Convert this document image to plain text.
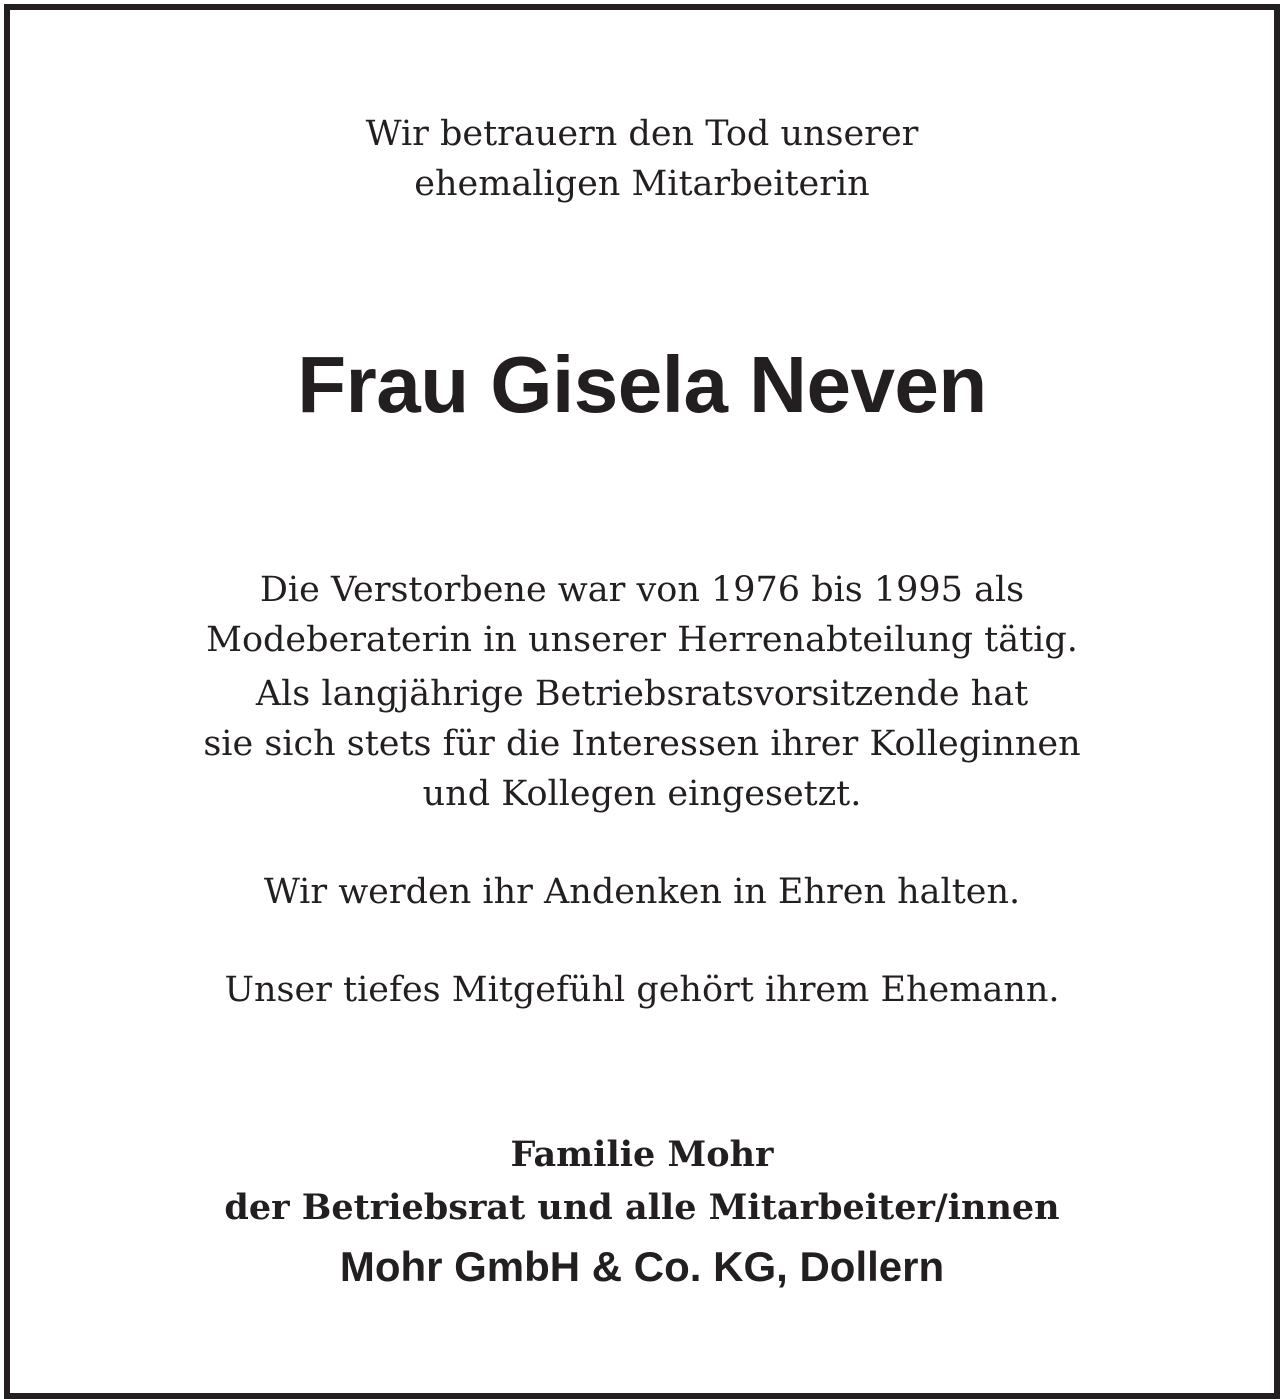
Wir betrauern den Tod unserer
ehemaligen Mitarbeiterin
Frau Gisela Neven

Die Verstorbene war von 1976 bis 1995 als
Modeberaterin in unserer Herrenabteilung tätig.

Als langjährige Betriebsratsvorsitzende hat
sie sich stets für die Interessen ihrer Kolleginnen
und Kollegen eingesetzt.

Wir werden ihr Andenken in Ehren halten.

Unser tiefes Mitgefühl gehört ihrem Ehemann.

Familie Mohr
der Betriebsrat und alle Mitarbeiter/innen
Mohr GmbH & Co. KG, Dollern
